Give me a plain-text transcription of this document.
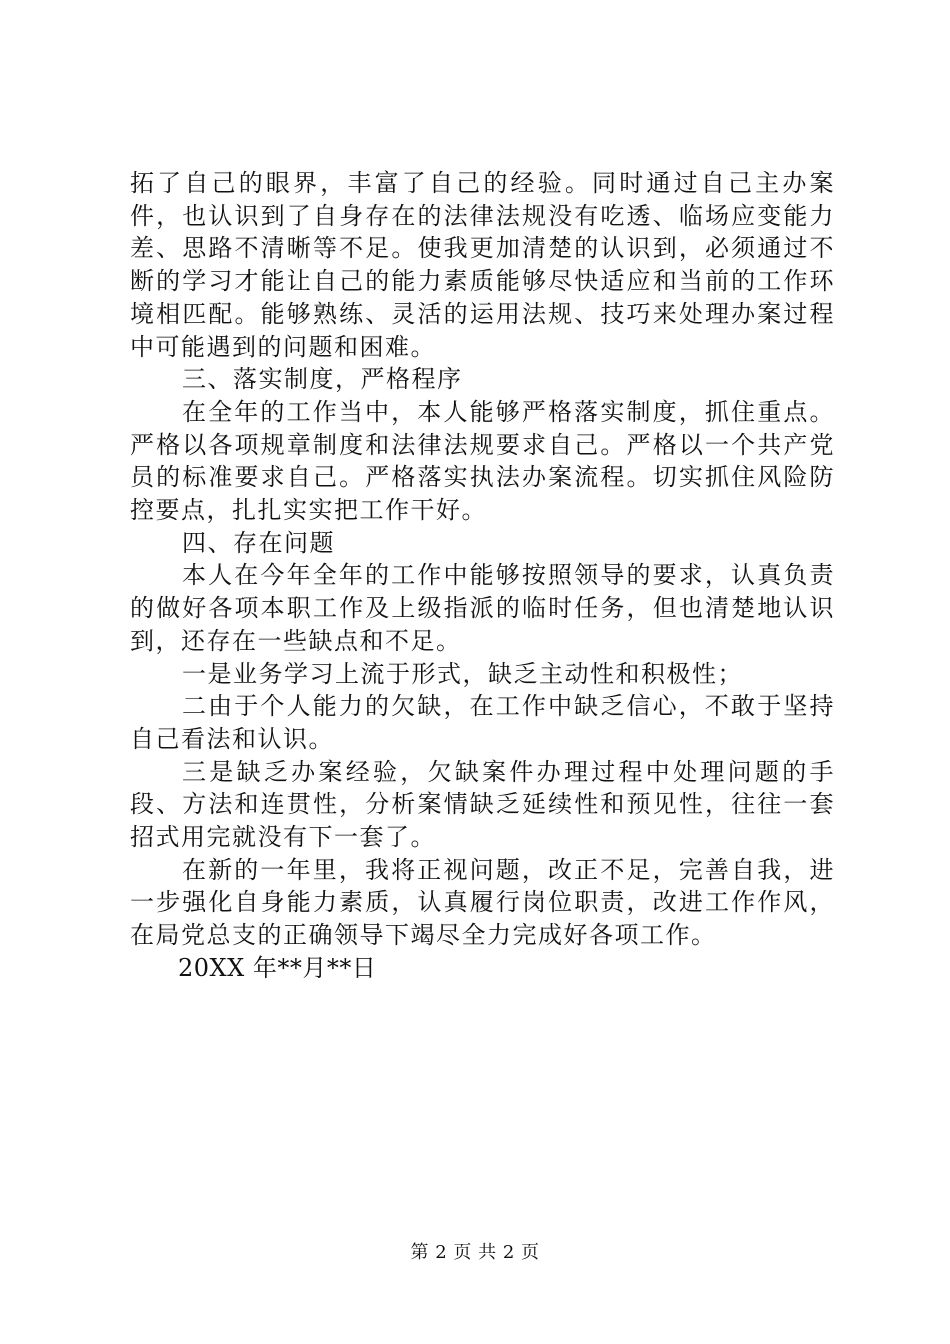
拓了自己的眼界，丰富了自己的经验。同时通过自己主办案件，也认识到了自身存在的法律法规没有吃透、临场应变能力差、思路不清晰等不足。使我更加清楚的认识到，必须通过不断的学习才能让自己的能力素质能够尽快适应和当前的工作环境相匹配。能够熟练、灵活的运用法规、技巧来处理办案过程中可能遇到的问题和困难。

三、落实制度，严格程序

在全年的工作当中，本人能够严格落实制度，抓住重点。严格以各项规章制度和法律法规要求自己。严格以一个共产党员的标准要求自己。严格落实执法办案流程。切实抓住风险防控要点，扎扎实实把工作干好。

四、存在问题

本人在今年全年的工作中能够按照领导的要求，认真负责的做好各项本职工作及上级指派的临时任务，但也清楚地认识到，还存在一些缺点和不足。

一是业务学习上流于形式，缺乏主动性和积极性；

二由于个人能力的欠缺，在工作中缺乏信心，不敢于坚持自己看法和认识。

三是缺乏办案经验，欠缺案件办理过程中处理问题的手段、方法和连贯性，分析案情缺乏延续性和预见性，往往一套招式用完就没有下一套了。

在新的一年里，我将正视问题，改正不足，完善自我，进一步强化自身能力素质，认真履行岗位职责，改进工作作风，在局党总支的正确领导下竭尽全力完成好各项工作。

20XX 年**月**日

第 2 页 共 2 页
